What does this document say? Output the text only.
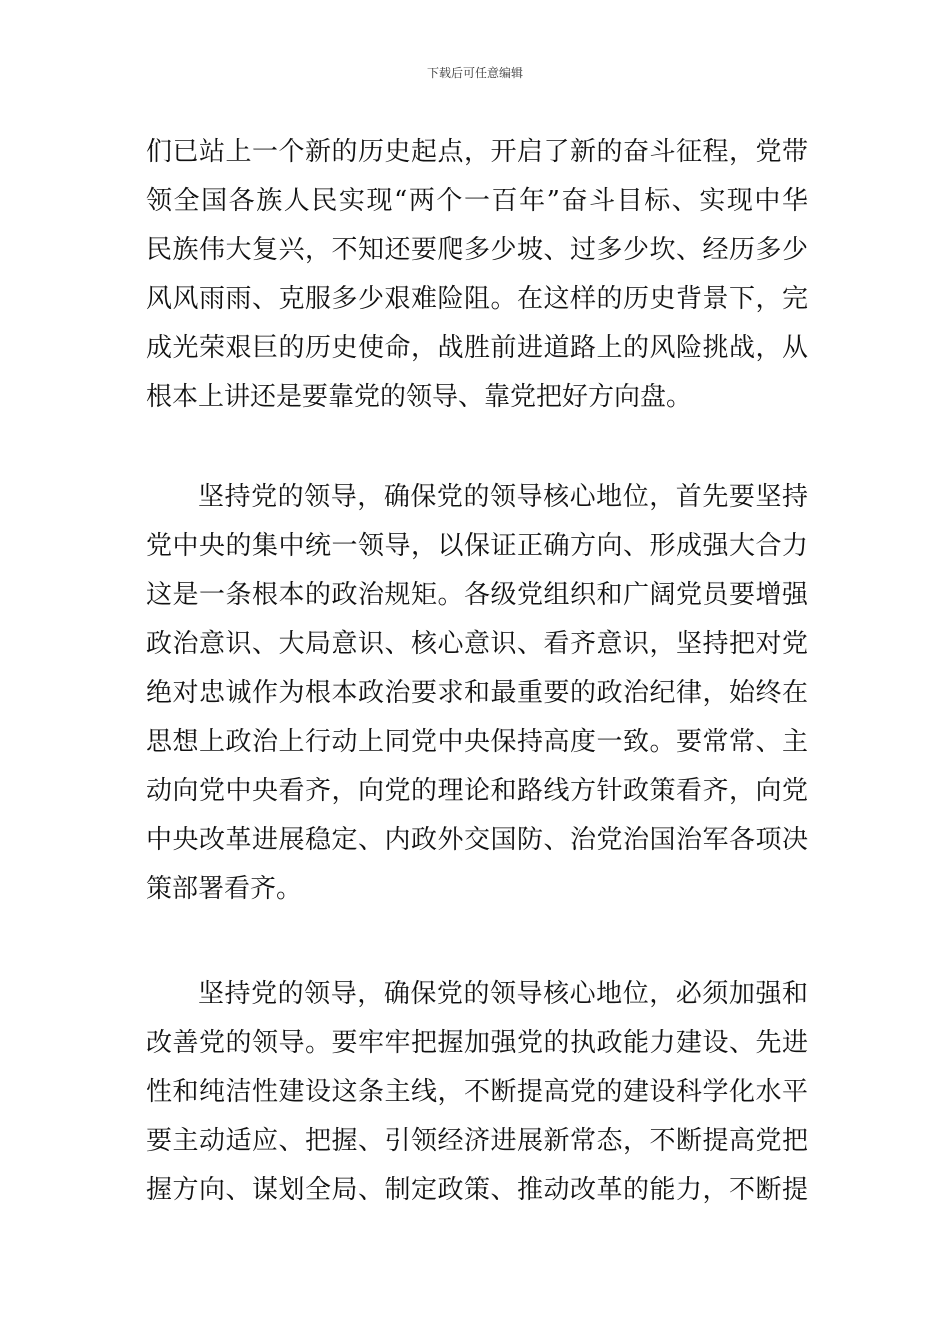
下载后可任意编辑
们已站上一个新的历史起点，开启了新的奋斗征程，党带
领全国各族人民实现“两个一百年”奋斗目标、实现中华
民族伟大复兴，不知还要爬多少坡、过多少坎、经历多少
风风雨雨、克服多少艰难险阻。在这样的历史背景下，完
成光荣艰巨的历史使命，战胜前进道路上的风险挑战，从
根本上讲还是要靠党的领导、靠党把好方向盘。
坚持党的领导，确保党的领导核心地位，首先要坚持
党中央的集中统一领导，以保证正确方向、形成强大合力
这是一条根本的政治规矩。各级党组织和广阔党员要增强
政治意识、大局意识、核心意识、看齐意识，坚持把对党
绝对忠诚作为根本政治要求和最重要的政治纪律，始终在
思想上政治上行动上同党中央保持高度一致。要常常、主
动向党中央看齐，向党的理论和路线方针政策看齐，向党
中央改革进展稳定、内政外交国防、治党治国治军各项决
策部署看齐。
坚持党的领导，确保党的领导核心地位，必须加强和
改善党的领导。要牢牢把握加强党的执政能力建设、先进
性和纯洁性建设这条主线，不断提高党的建设科学化水平
要主动适应、把握、引领经济进展新常态，不断提高党把
握方向、谋划全局、制定政策、推动改革的能力，不断提
